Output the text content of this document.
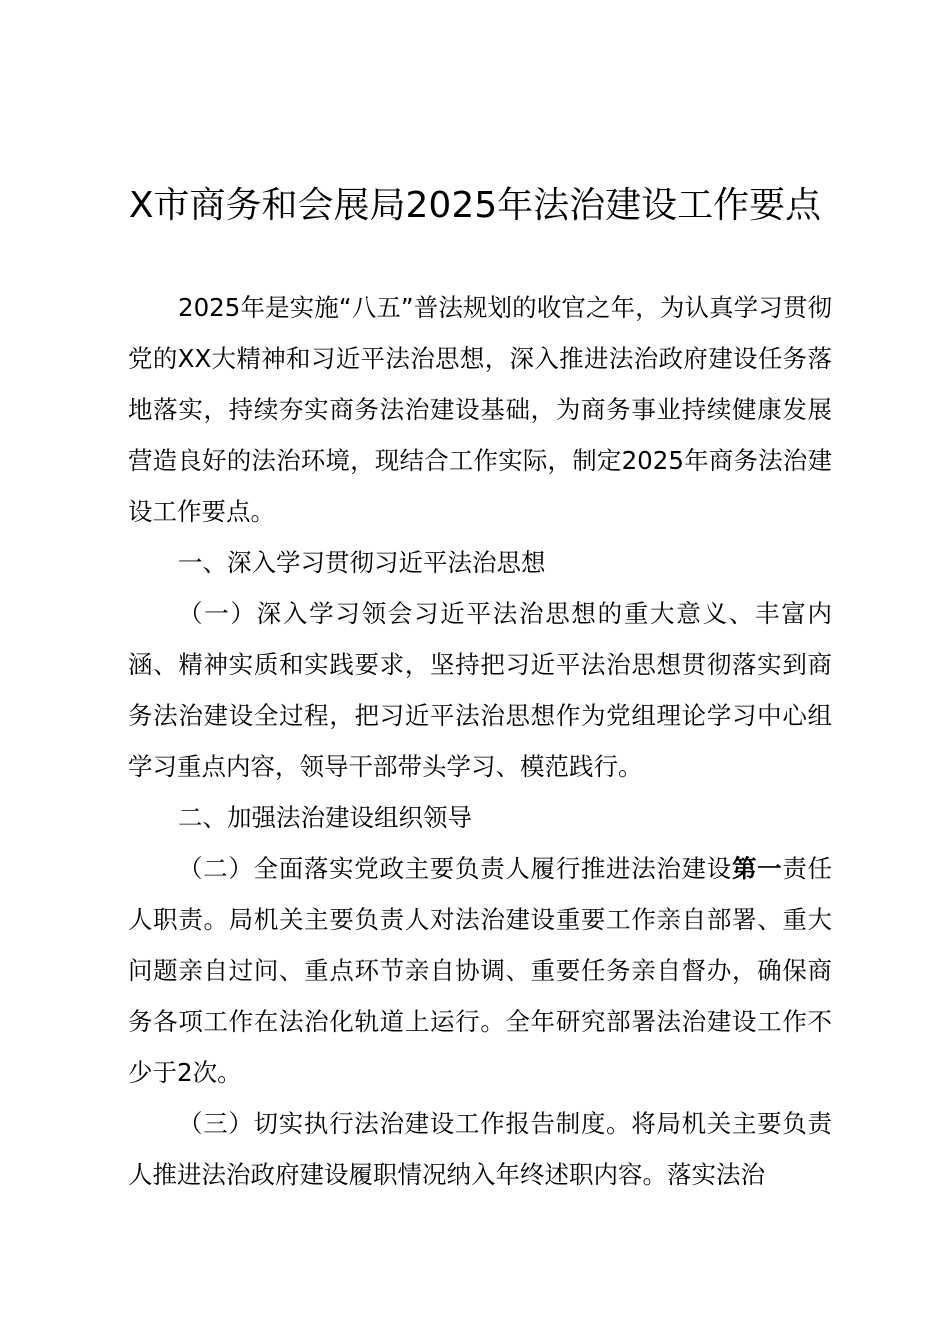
X市商务和会展局2025年法治建设工作要点

2025年是实施“八五”普法规划的收官之年，为认真学习贯彻党的XX大精神和习近平法治思想，深入推进法治政府建设任务落地落实，持续夯实商务法治建设基础，为商务事业持续健康发展营造良好的法治环境，现结合工作实际，制定2025年商务法治建设工作要点。

一、深入学习贯彻习近平法治思想

（一）深入学习领会习近平法治思想的重大意义、丰富内涵、精神实质和实践要求，坚持把习近平法治思想贯彻落实到商务法治建设全过程，把习近平法治思想作为党组理论学习中心组学习重点内容，领导干部带头学习、模范践行。

二、加强法治建设组织领导

（二）全面落实党政主要负责人履行推进法治建设第一责任人职责。局机关主要负责人对法治建设重要工作亲自部署、重大问题亲自过问、重点环节亲自协调、重要任务亲自督办，确保商务各项工作在法治化轨道上运行。全年研究部署法治建设工作不少于2次。

（三）切实执行法治建设工作报告制度。将局机关主要负责人推进法治政府建设履职情况纳入年终述职内容。落实法治
